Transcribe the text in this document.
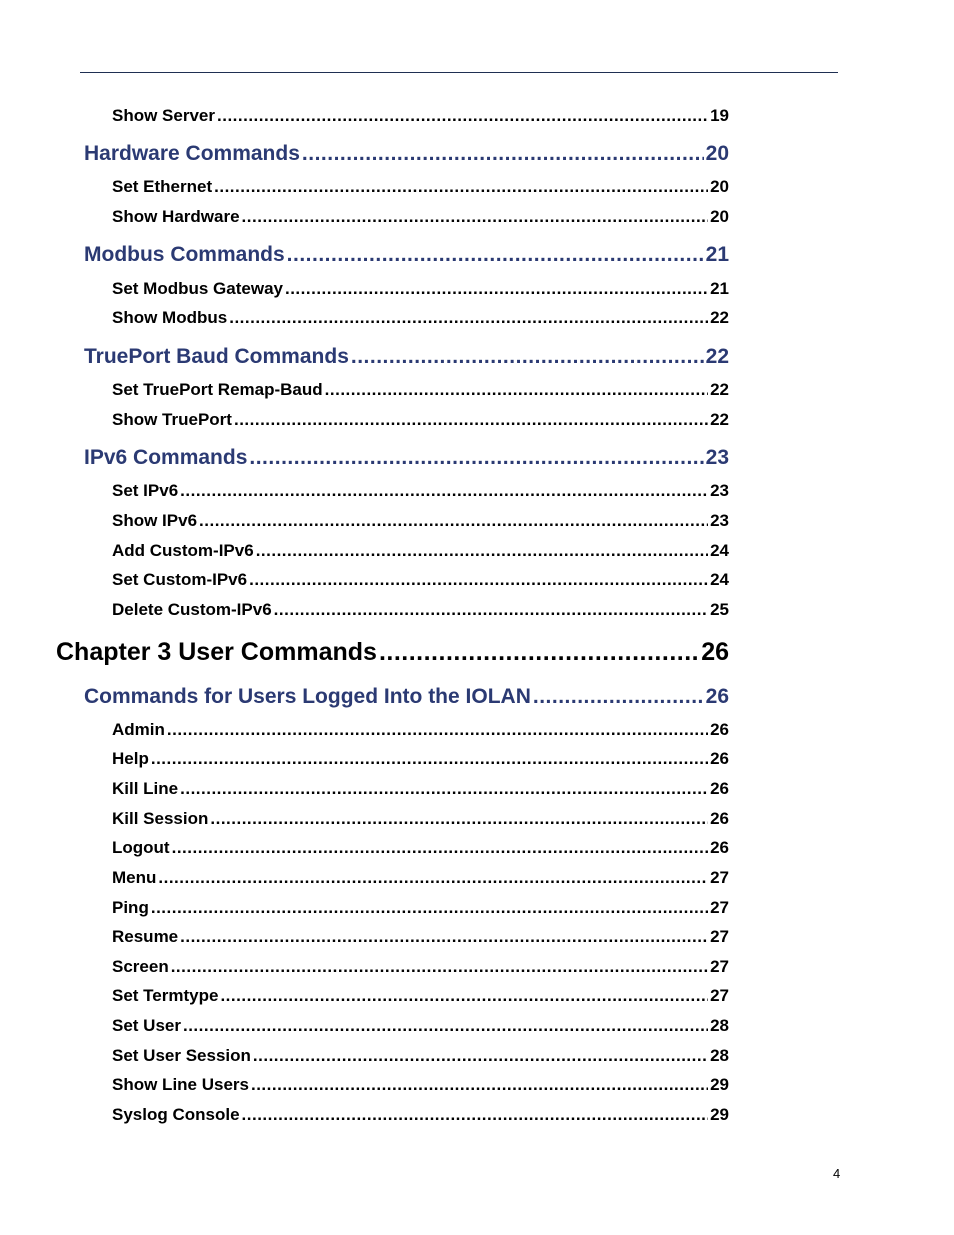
Show Server .....	19
Hardware Commands .....	20
Set Ethernet .....	20
Show Hardware .....	20
Modbus Commands .....	21
Set Modbus Gateway .....	21
Show Modbus .....	22
TruePort Baud Commands .....	22
Set TruePort Remap-Baud .....	22
Show TruePort .....	22
IPv6 Commands .....	23
Set IPv6 .....	23
Show IPv6 .....	23
Add Custom-IPv6 .....	24
Set Custom-IPv6 .....	24
Delete Custom-IPv6 .....	25
Chapter 3 User Commands .....	26
Commands for Users Logged Into the IOLAN .....	26
Admin .....	26
Help .....	26
Kill Line .....	26
Kill Session .....	26
Logout .....	26
Menu .....	27
Ping .....	27
Resume .....	27
Screen .....	27
Set Termtype .....	27
Set User .....	28
Set User Session .....	28
Show Line Users .....	29
Syslog Console .....	29
4
